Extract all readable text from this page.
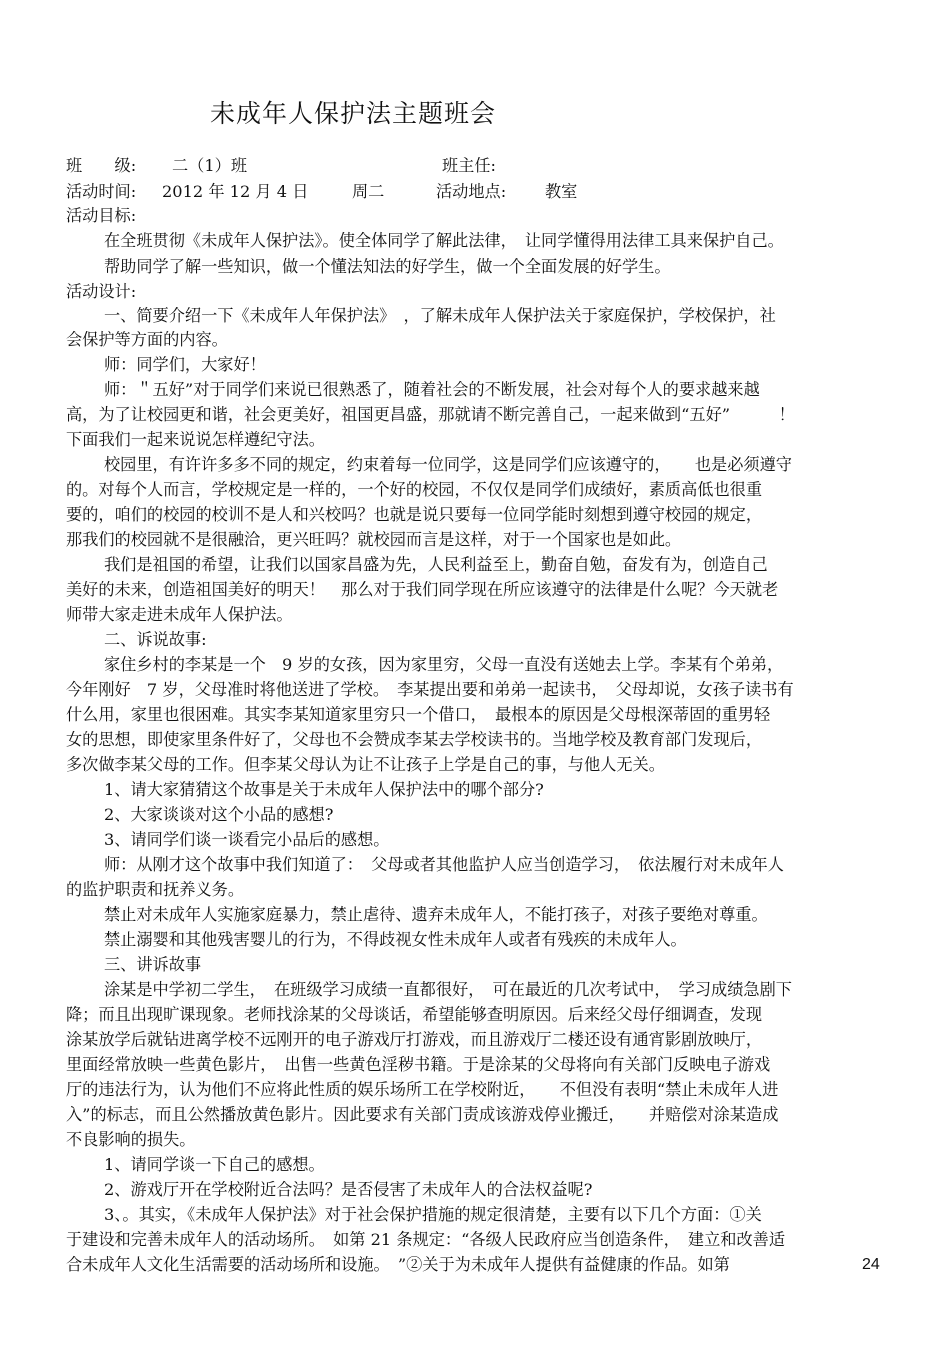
未成年人保护法主题班会
班　　级: 二（1）班	班主任:
活动时间: 2012 年 12 月 4 日	周二	活动地点: 教室
活动目标:
在全班贯彻《未成年人保护法》。使全体同学了解此法律，　让同学懂得用法律工具来保护自己。
帮助同学了解一些知识，做一个懂法知法的好学生，做一个全面发展的好学生。
活动设计:
一、简要介绍一下《未成年人年保护法》　，了解未成年人保护法关于家庭保护，学校保护，社
会保护等方面的内容。
师：同学们，大家好！
师：＂五好”对于同学们来说已很熟悉了，随着社会的不断发展，社会对每个人的要求越来越
高，为了让校园更和谐，社会更美好，祖国更昌盛，那就请不断完善自己，一起来做到“五好”　　　！
下面我们一起来说说怎样遵纪守法。
校园里，有许许多多不同的规定，约束着每一位同学，这是同学们应该遵守的，　　也是必须遵守
的。对每个人而言，学校规定是一样的，一个好的校园，不仅仅是同学们成绩好，素质高低也很重
要的，咱们的校园的校训不是人和兴校吗？也就是说只要每一位同学能时刻想到遵守校园的规定，
那我们的校园就不是很融洽，更兴旺吗？就校园而言是这样，对于一个国家也是如此。
我们是祖国的希望，让我们以国家昌盛为先，人民利益至上，勤奋自勉，奋发有为，创造自己
美好的未来，创造祖国美好的明天！　那么对于我们同学现在所应该遵守的法律是什么呢？今天就老
师带大家走进未成年人保护法。
二、诉说故事:
家住乡村的李某是一个　9 岁的女孩，因为家里穷，父母一直没有送她去上学。李某有个弟弟，
今年刚好　7 岁，父母准时将他送进了学校。　李某提出要和弟弟一起读书，　父母却说，女孩子读书有
什么用，家里也很困难。其实李某知道家里穷只一个借口，　最根本的原因是父母根深蒂固的重男轻
女的思想，即使家里条件好了，父母也不会赞成李某去学校读书的。当地学校及教育部门发现后，
多次做李某父母的工作。但李某父母认为让不让孩子上学是自己的事，与他人无关。
1、请大家猜猜这个故事是关于未成年人保护法中的哪个部分?
2、大家谈谈对这个小品的感想?
3、请同学们谈一谈看完小品后的感想。
师：从刚才这个故事中我们知道了：　父母或者其他监护人应当创造学习，　依法履行对未成年人
的监护职责和抚养义务。
禁止对未成年人实施家庭暴力，禁止虐待、遗弃未成年人，不能打孩子，对孩子要绝对尊重。
禁止溺婴和其他残害婴儿的行为，不得歧视女性未成年人或者有残疾的未成年人。
三、讲诉故事
涂某是中学初二学生，　在班级学习成绩一直都很好，　可在最近的几次考试中，　学习成绩急剧下
降；而且出现旷课现象。老师找涂某的父母谈话，希望能够查明原因。后来经父母仔细调查，发现
涂某放学后就钻进离学校不远刚开的电子游戏厅打游戏，而且游戏厅二楼还设有通宵影剧放映厅，
里面经常放映一些黄色影片，　出售一些黄色淫秽书籍。于是涂某的父母将向有关部门反映电子游戏
厅的违法行为，认为他们不应将此性质的娱乐场所工在学校附近，　　不但没有表明“禁止未成年人进
入”的标志，而且公然播放黄色影片。因此要求有关部门责成该游戏停业搬迁，　　并赔偿对涂某造成
不良影响的损失。
1、请同学谈一下自己的感想。
2、游戏厅开在学校附近合法吗？是否侵害了未成年人的合法权益呢?
3、。其实，《未成年人保护法》对于社会保护措施的规定很清楚，主要有以下几个方面：①关
于建设和完善未成年人的活动场所。　如第 21 条规定：“各级人民政府应当创造条件，　建立和改善适
合未成年人文化生活需要的活动场所和设施。　”②关于为未成年人提供有益健康的作品。如第	24
